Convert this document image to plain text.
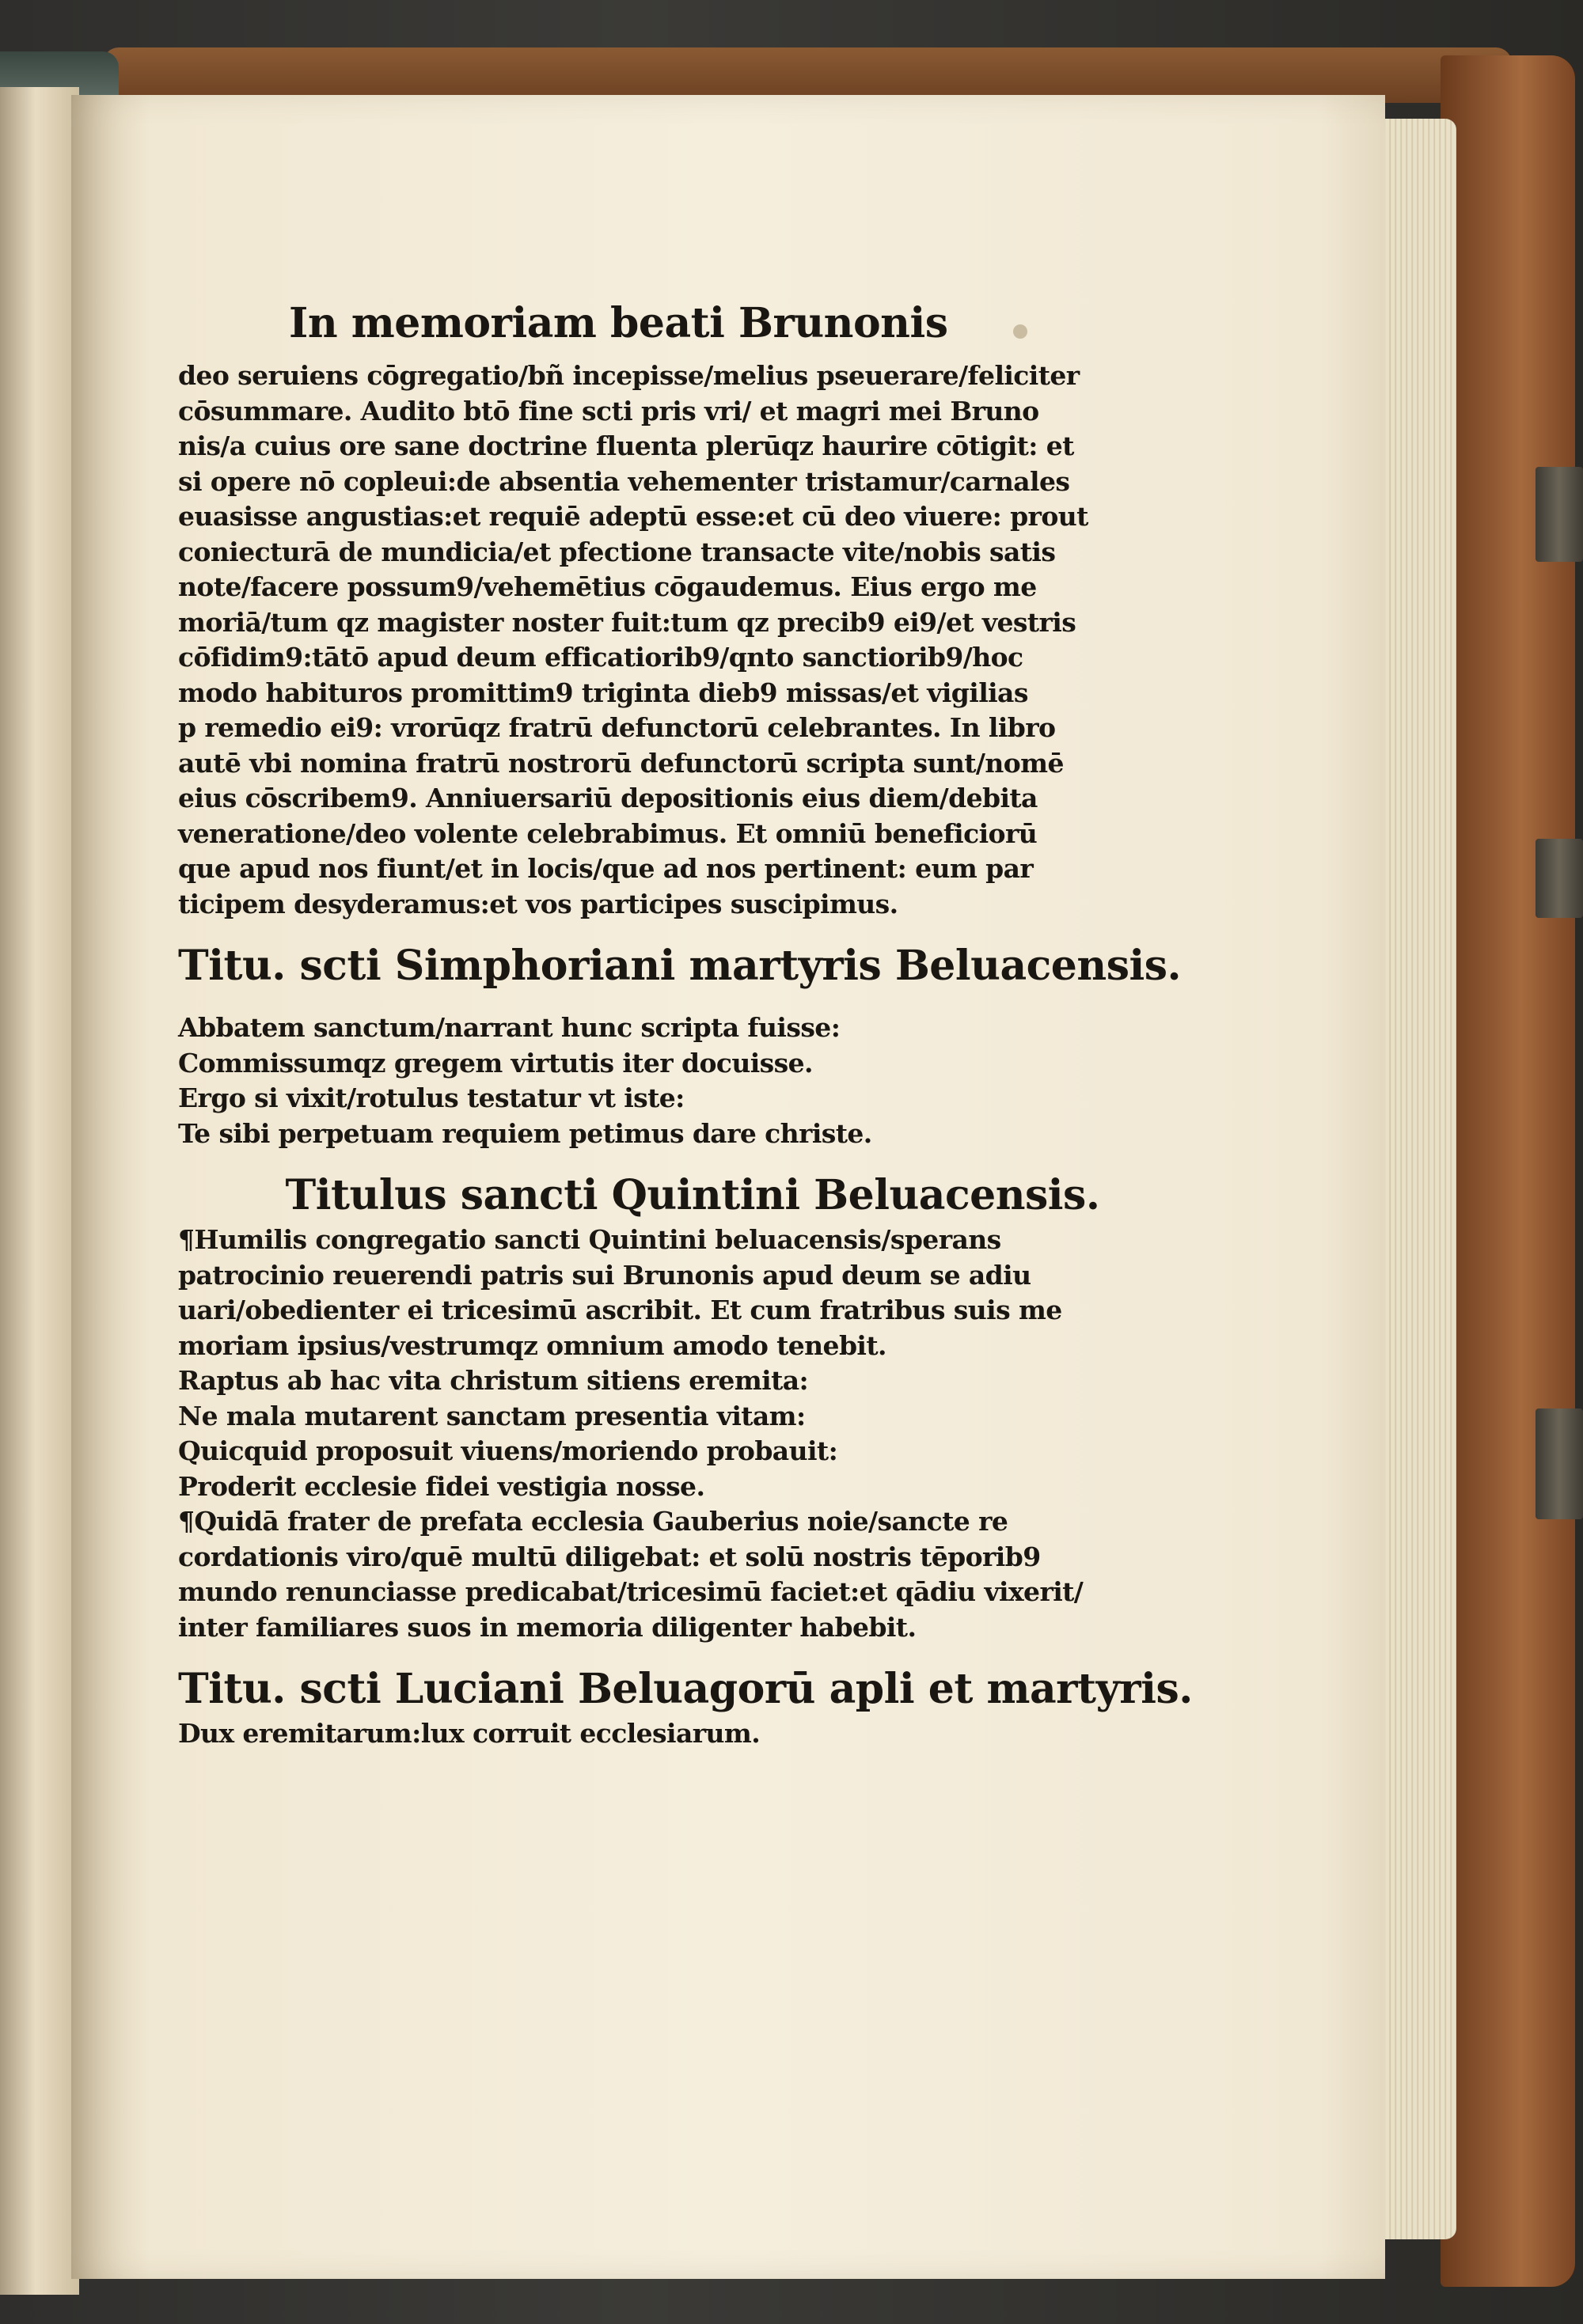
In memoriam beati Brunonis

deo seruiens cōgregatio/bñ incepisse/melius pseuerare/feliciter

cōsummare. Audito btō fine scti pris vri/ et magri mei Bruno

nis/a cuius ore sane doctrine fluenta plerūqz haurire cōtigit: et

si opere nō copleui:de absentia vehementer tristamur/carnales

euasisse angustias:et requiē adeptū esse:et cū deo viuere: prout

coniecturā de mundicia/et pfectione transacte vite/nobis satis

note/facere possum9/vehemētius cōgaudemus. Eius ergo me

moriā/tum qz magister noster fuit:tum qz precib9 ei9/et vestris

cōfidim9:tātō apud deum efficatiorib9/qnto sanctiorib9/hoc

modo habituros promittim9 triginta dieb9 missas/et vigilias

p remedio ei9: vrorūqz fratrū defunctorū celebrantes. In libro

autē vbi nomina fratrū nostrorū defunctorū scripta sunt/nomē

eius cōscribem9. Anniuersariū depositionis eius diem/debita

veneratione/deo volente celebrabimus. Et omniū beneficiorū

que apud nos fiunt/et in locis/que ad nos pertinent: eum par

ticipem desyderamus:et vos participes suscipimus.

Titu. scti Simphoriani martyris Beluacensis.

Abbatem sanctum/narrant hunc scripta fuisse:

Commissumqz gregem virtutis iter docuisse.

Ergo si vixit/rotulus testatur vt iste:

Te sibi perpetuam requiem petimus dare christe.

Titulus sancti Quintini Beluacensis.

¶Humilis congregatio sancti Quintini beluacensis/sperans

patrocinio reuerendi patris sui Brunonis apud deum se adiu

uari/obedienter ei tricesimū ascribit. Et cum fratribus suis me

moriam ipsius/vestrumqz omnium amodo tenebit.

Raptus ab hac vita christum sitiens eremita:

Ne mala mutarent sanctam presentia vitam:

Quicquid proposuit viuens/moriendo probauit:

Proderit ecclesie fidei vestigia nosse.

¶Quidā frater de prefata ecclesia Gauberius noie/sancte re

cordationis viro/quē multū diligebat: et solū nostris tēporib9

mundo renunciasse predicabat/tricesimū faciet:et qādiu vixerit/

inter familiares suos in memoria diligenter habebit.

Titu. scti Luciani Beluagorū apli et martyris.

Dux eremitarum:lux corruit ecclesiarum.
